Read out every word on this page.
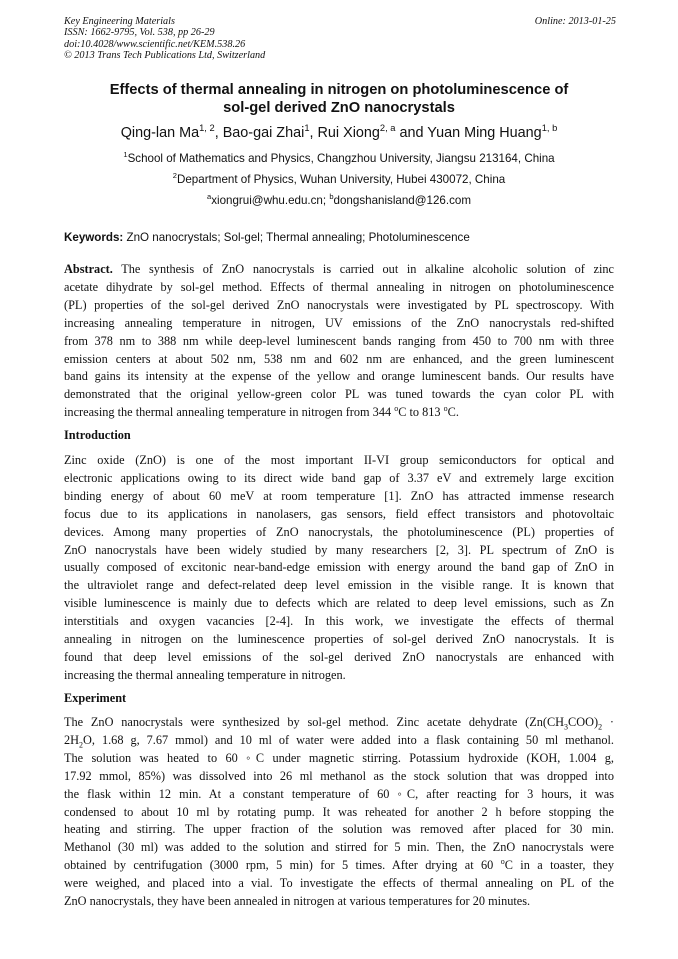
Key Engineering Materials
ISSN: 1662-9795, Vol. 538, pp 26-29
doi:10.4028/www.scientific.net/KEM.538.26
© 2013 Trans Tech Publications Ltd, Switzerland
Online: 2013-01-25
Effects of thermal annealing in nitrogen on photoluminescence of
sol-gel derived ZnO nanocrystals
Qing-lan Ma$^{1, 2}$, Bao-gai Zhai$^1$, Rui Xiong$^{2, a}$ and Yuan Ming Huang$^{1, b}$
$^1$School of Mathematics and Physics, Changzhou University, Jiangsu 213164, China
$^2$Department of Physics, Wuhan University, Hubei 430072, China
$^a$xiongrui@whu.edu.cn; $^b$dongshanisland@126.com
Keywords: ZnO nanocrystals; Sol-gel; Thermal annealing; Photoluminescence
Abstract. The synthesis of ZnO nanocrystals is carried out in alkaline alcoholic solution of zinc
acetate dihydrate by sol-gel method. Effects of thermal annealing in nitrogen on photoluminescence
(PL) properties of the sol-gel derived ZnO nanocrystals were investigated by PL spectroscopy. With
increasing annealing temperature in nitrogen, UV emissions of the ZnO nanocrystals red-shifted
from 378 nm to 388 nm while deep-level luminescent bands ranging from 450 to 700 nm with three
emission centers at about 502 nm, 538 nm and 602 nm are enhanced, and the green luminescent
band gains its intensity at the expense of the yellow and orange luminescent bands. Our results have
demonstrated that the original yellow-green color PL was tuned towards the cyan color PL with
increasing the thermal annealing temperature in nitrogen from 344 $^o$C to 813 $^o$C.
Introduction
Zinc oxide (ZnO) is one of the most important II-VI group semiconductors for optical and
electronic applications owing to its direct wide band gap of 3.37 eV and extremely large excition
binding energy of about 60 meV at room temperature [1]. ZnO has attracted immense research
focus due to its applications in nanolasers, gas sensors, field effect transistors and photovoltaic
devices. Among many properties of ZnO nanocrystals, the photoluminescence (PL) properties of
ZnO nanocrystals have been widely studied by many researchers [2, 3]. PL spectrum of ZnO is
usually composed of excitonic near-band-edge emission with energy around the band gap of ZnO in
the ultraviolet range and defect-related deep level emission in the visible range. It is known that
visible luminescence is mainly due to defects which are related to deep level emissions, such as Zn
interstitials and oxygen vacancies [2-4]. In this work, we investigate the effects of thermal
annealing in nitrogen on the luminescence properties of sol-gel derived ZnO nanocrystals. It is
found that deep level emissions of the sol-gel derived ZnO nanocrystals are enhanced with
increasing the thermal annealing temperature in nitrogen.
Experiment
The ZnO nanocrystals were synthesized by sol-gel method. Zinc acetate dehydrate ($Zn(CH_3COO)_2$ ·
$2H_2O$, 1.68 g, 7.67 mmol) and 10 ml of water were added into a flask containing 50 ml methanol.
The solution was heated to 60 ◦C under magnetic stirring. Potassium hydroxide (KOH, 1.004 g,
17.92 mmol, 85%) was dissolved into 26 ml methanol as the stock solution that was dropped into
the flask within 12 min. At a constant temperature of 60 ◦C, after reacting for 3 hours, it was
condensed to about 10 ml by rotating pump. It was reheated for another 2 h before stopping the
heating and stirring. The upper fraction of the solution was removed after placed for 30 min.
Methanol (30 ml) was added to the solution and stirred for 5 min. Then, the ZnO nanocrystals were
obtained by centrifugation (3000 rpm, 5 min) for 5 times. After drying at 60 $^o$C in a toaster, they
were weighed, and placed into a vial. To investigate the effects of thermal annealing on PL of the
ZnO nanocrystals, they have been annealed in nitrogen at various temperatures for 20 minutes.
